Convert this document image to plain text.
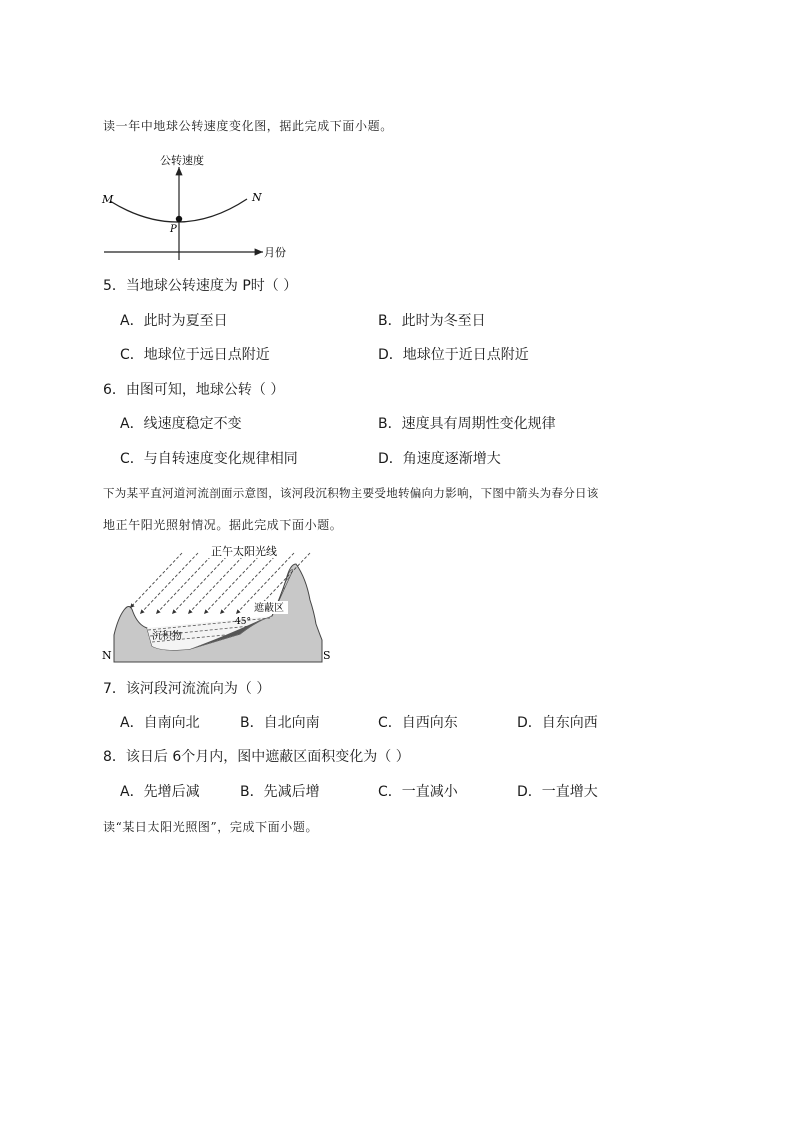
读一年中地球公转速度变化图，据此完成下面小题。
公转速度
月份
M	N
P
5．当地球公转速度为 P时（ ）
A．此时为夏至日	B．此时为冬至日
C．地球位于远日点附近	D．地球位于近日点附近
6．由图可知，地球公转（ ）
A．线速度稳定不变	B．速度具有周期性变化规律
C．与自转速度变化规律相同	D．角速度逐渐增大
下为某平直河道河流剖面示意图，该河段沉积物主要受地转偏向力影响，下图中箭头为春分日该
地正午阳光照射情况。据此完成下面小题。
正午太阳光线
遮蔽区
45°
沉积物
N	S
7．该河段河流流向为（ ）
A．自南向北	B．自北向南	C．自西向东	D．自东向西
8．该日后 6个月内，图中遮蔽区面积变化为（ ）
A．先增后减	B．先减后增	C．一直减小	D．一直增大
读“某日太阳光照图”，完成下面小题。
